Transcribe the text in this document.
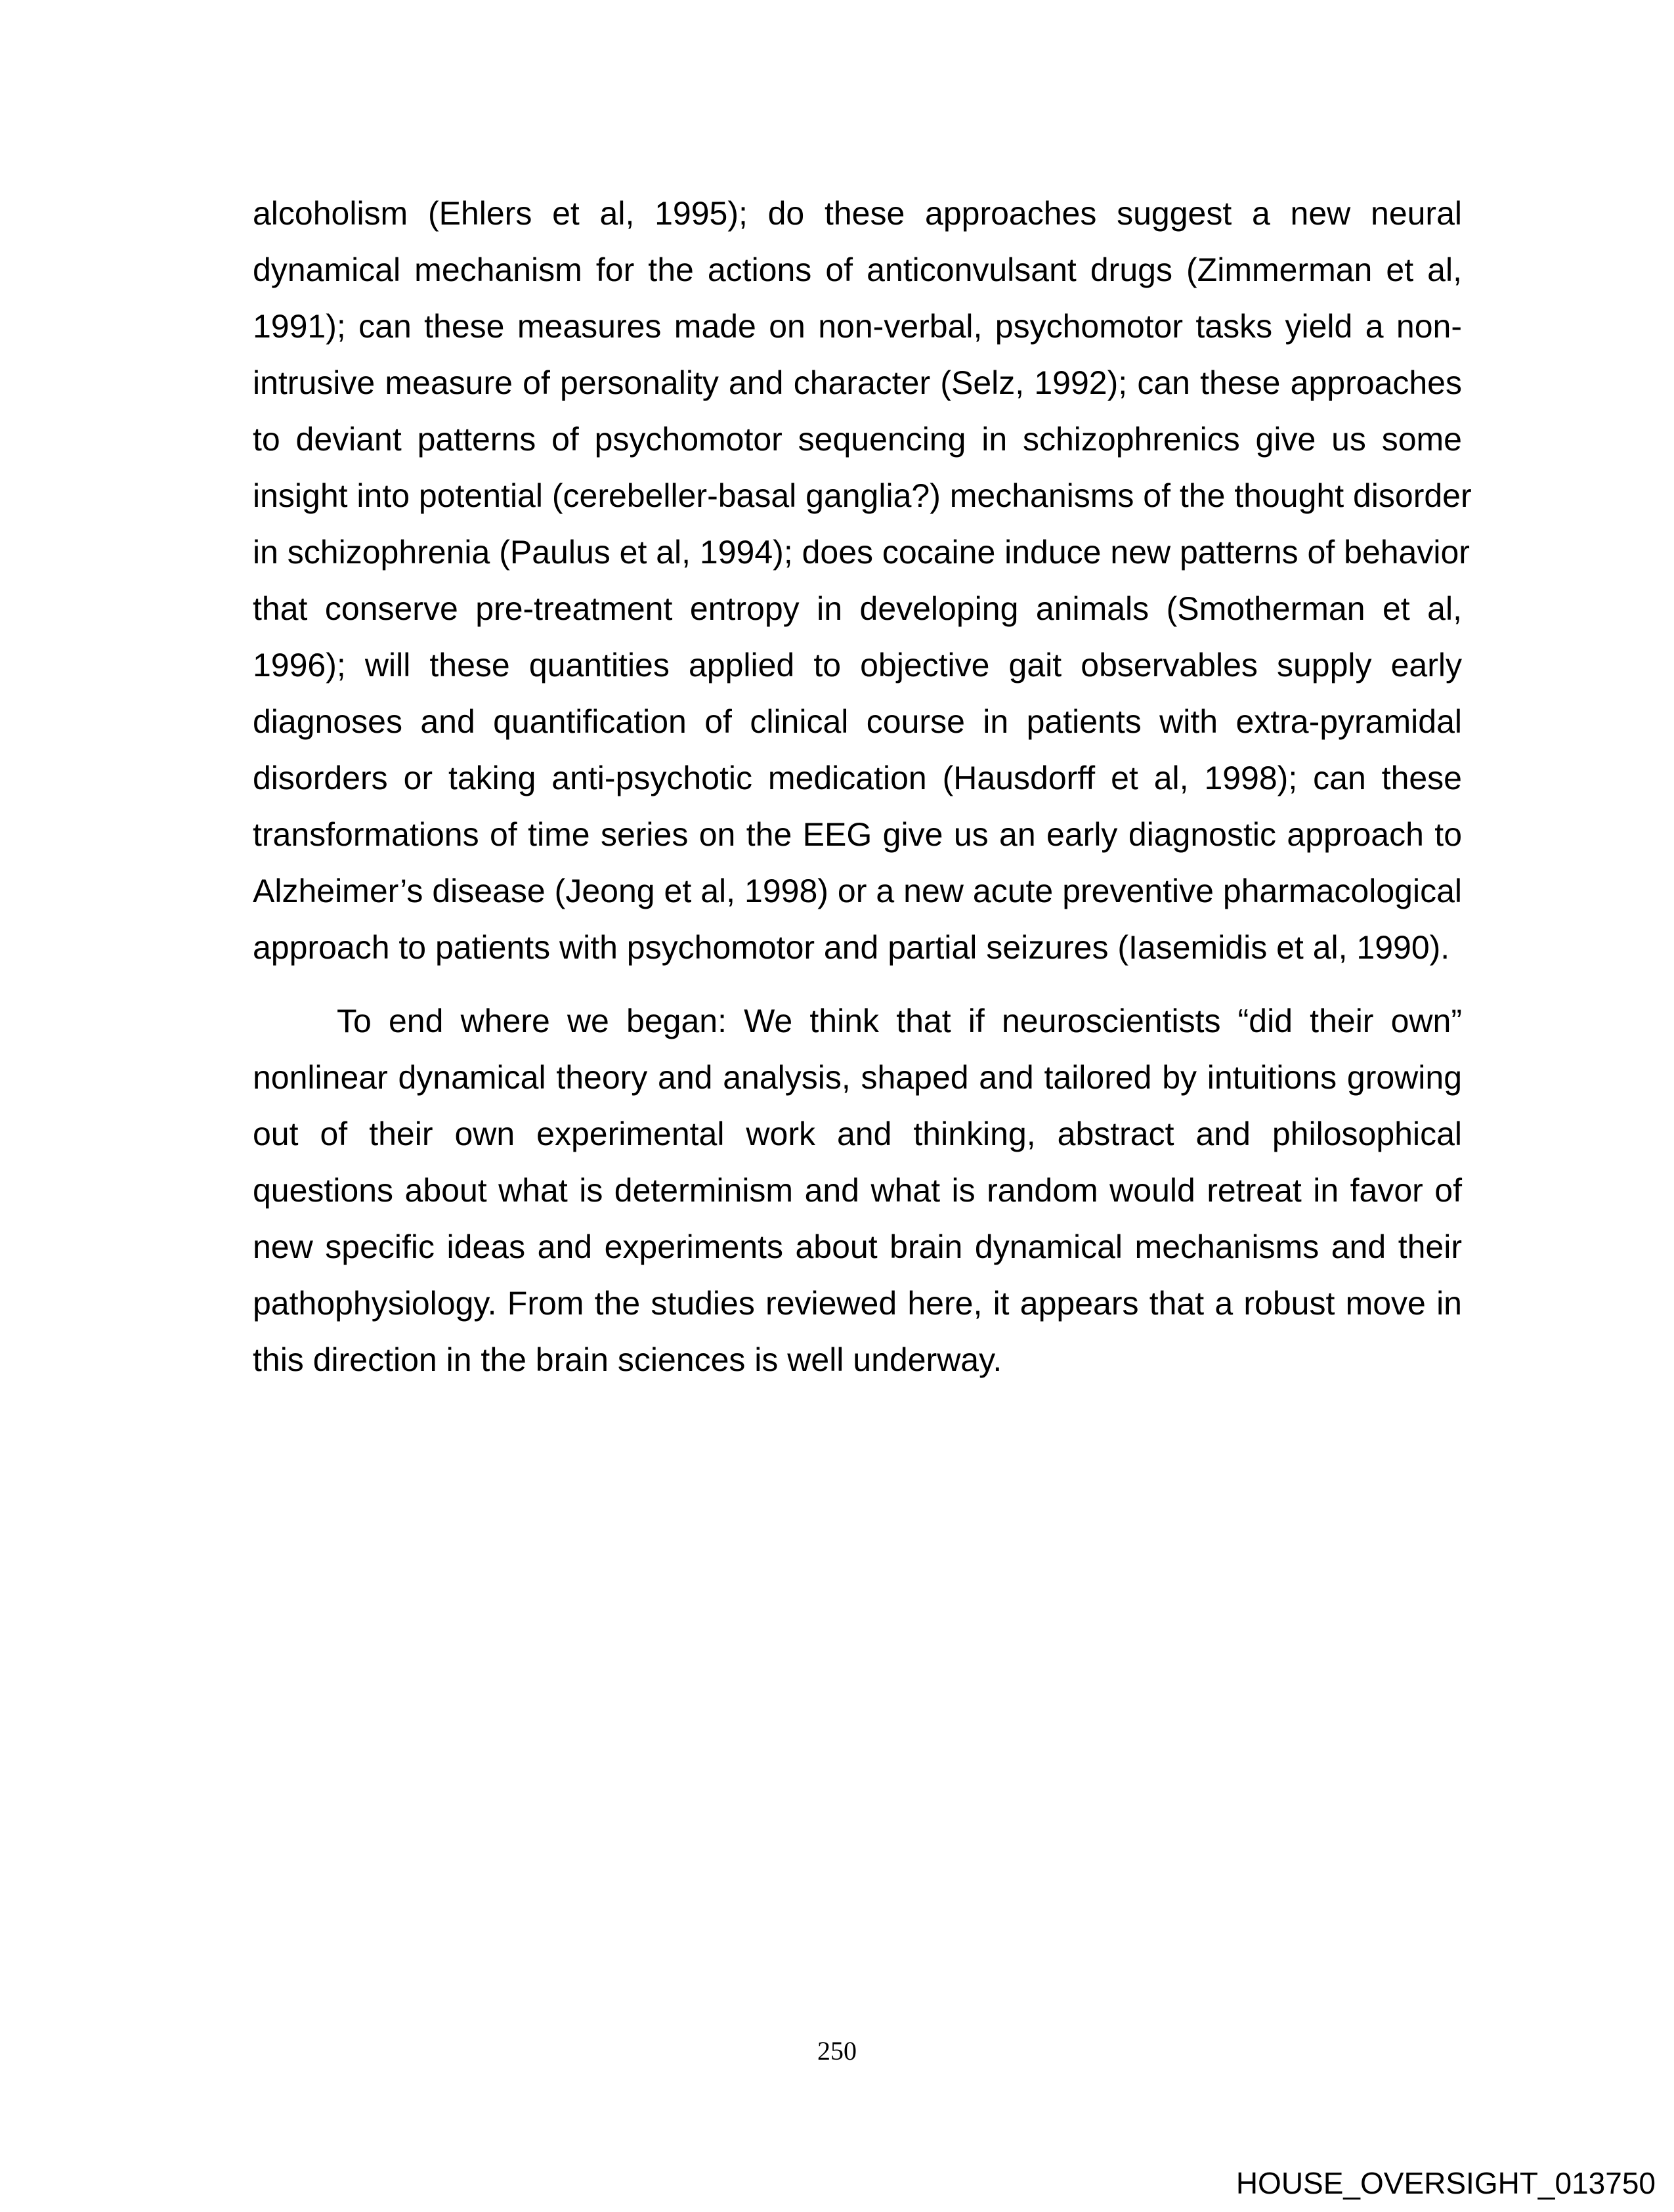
alcoholism (Ehlers et al, 1995); do these approaches suggest a new neural
dynamical mechanism for the actions of anticonvulsant drugs (Zimmerman et al,
1991); can these measures made on non-verbal, psychomotor tasks yield a non-
intrusive measure of personality and character (Selz, 1992); can these approaches
to deviant patterns of psychomotor sequencing in schizophrenics give us some
insight into potential (cerebeller-basal ganglia?) mechanisms of the thought disorder
in schizophrenia (Paulus et al, 1994); does cocaine induce new patterns of behavior
that conserve pre-treatment entropy in developing animals (Smotherman et al,
1996); will these quantities applied to objective gait observables supply early
diagnoses and quantification of clinical course in patients with extra-pyramidal
disorders or taking anti-psychotic medication (Hausdorff et al, 1998); can these
transformations of time series on the EEG give us an early diagnostic approach to
Alzheimer’s disease (Jeong et al, 1998) or a new acute preventive pharmacological
approach to patients with psychomotor and partial seizures (Iasemidis et al, 1990).
To end where we began: We think that if neuroscientists “did their own”
nonlinear dynamical theory and analysis, shaped and tailored by intuitions growing
out of their own experimental work and thinking, abstract and philosophical
questions about what is determinism and what is random would retreat in favor of
new specific ideas and experiments about brain dynamical mechanisms and their
pathophysiology. From the studies reviewed here, it appears that a robust move in
this direction in the brain sciences is well underway.
250
HOUSE_OVERSIGHT_013750
